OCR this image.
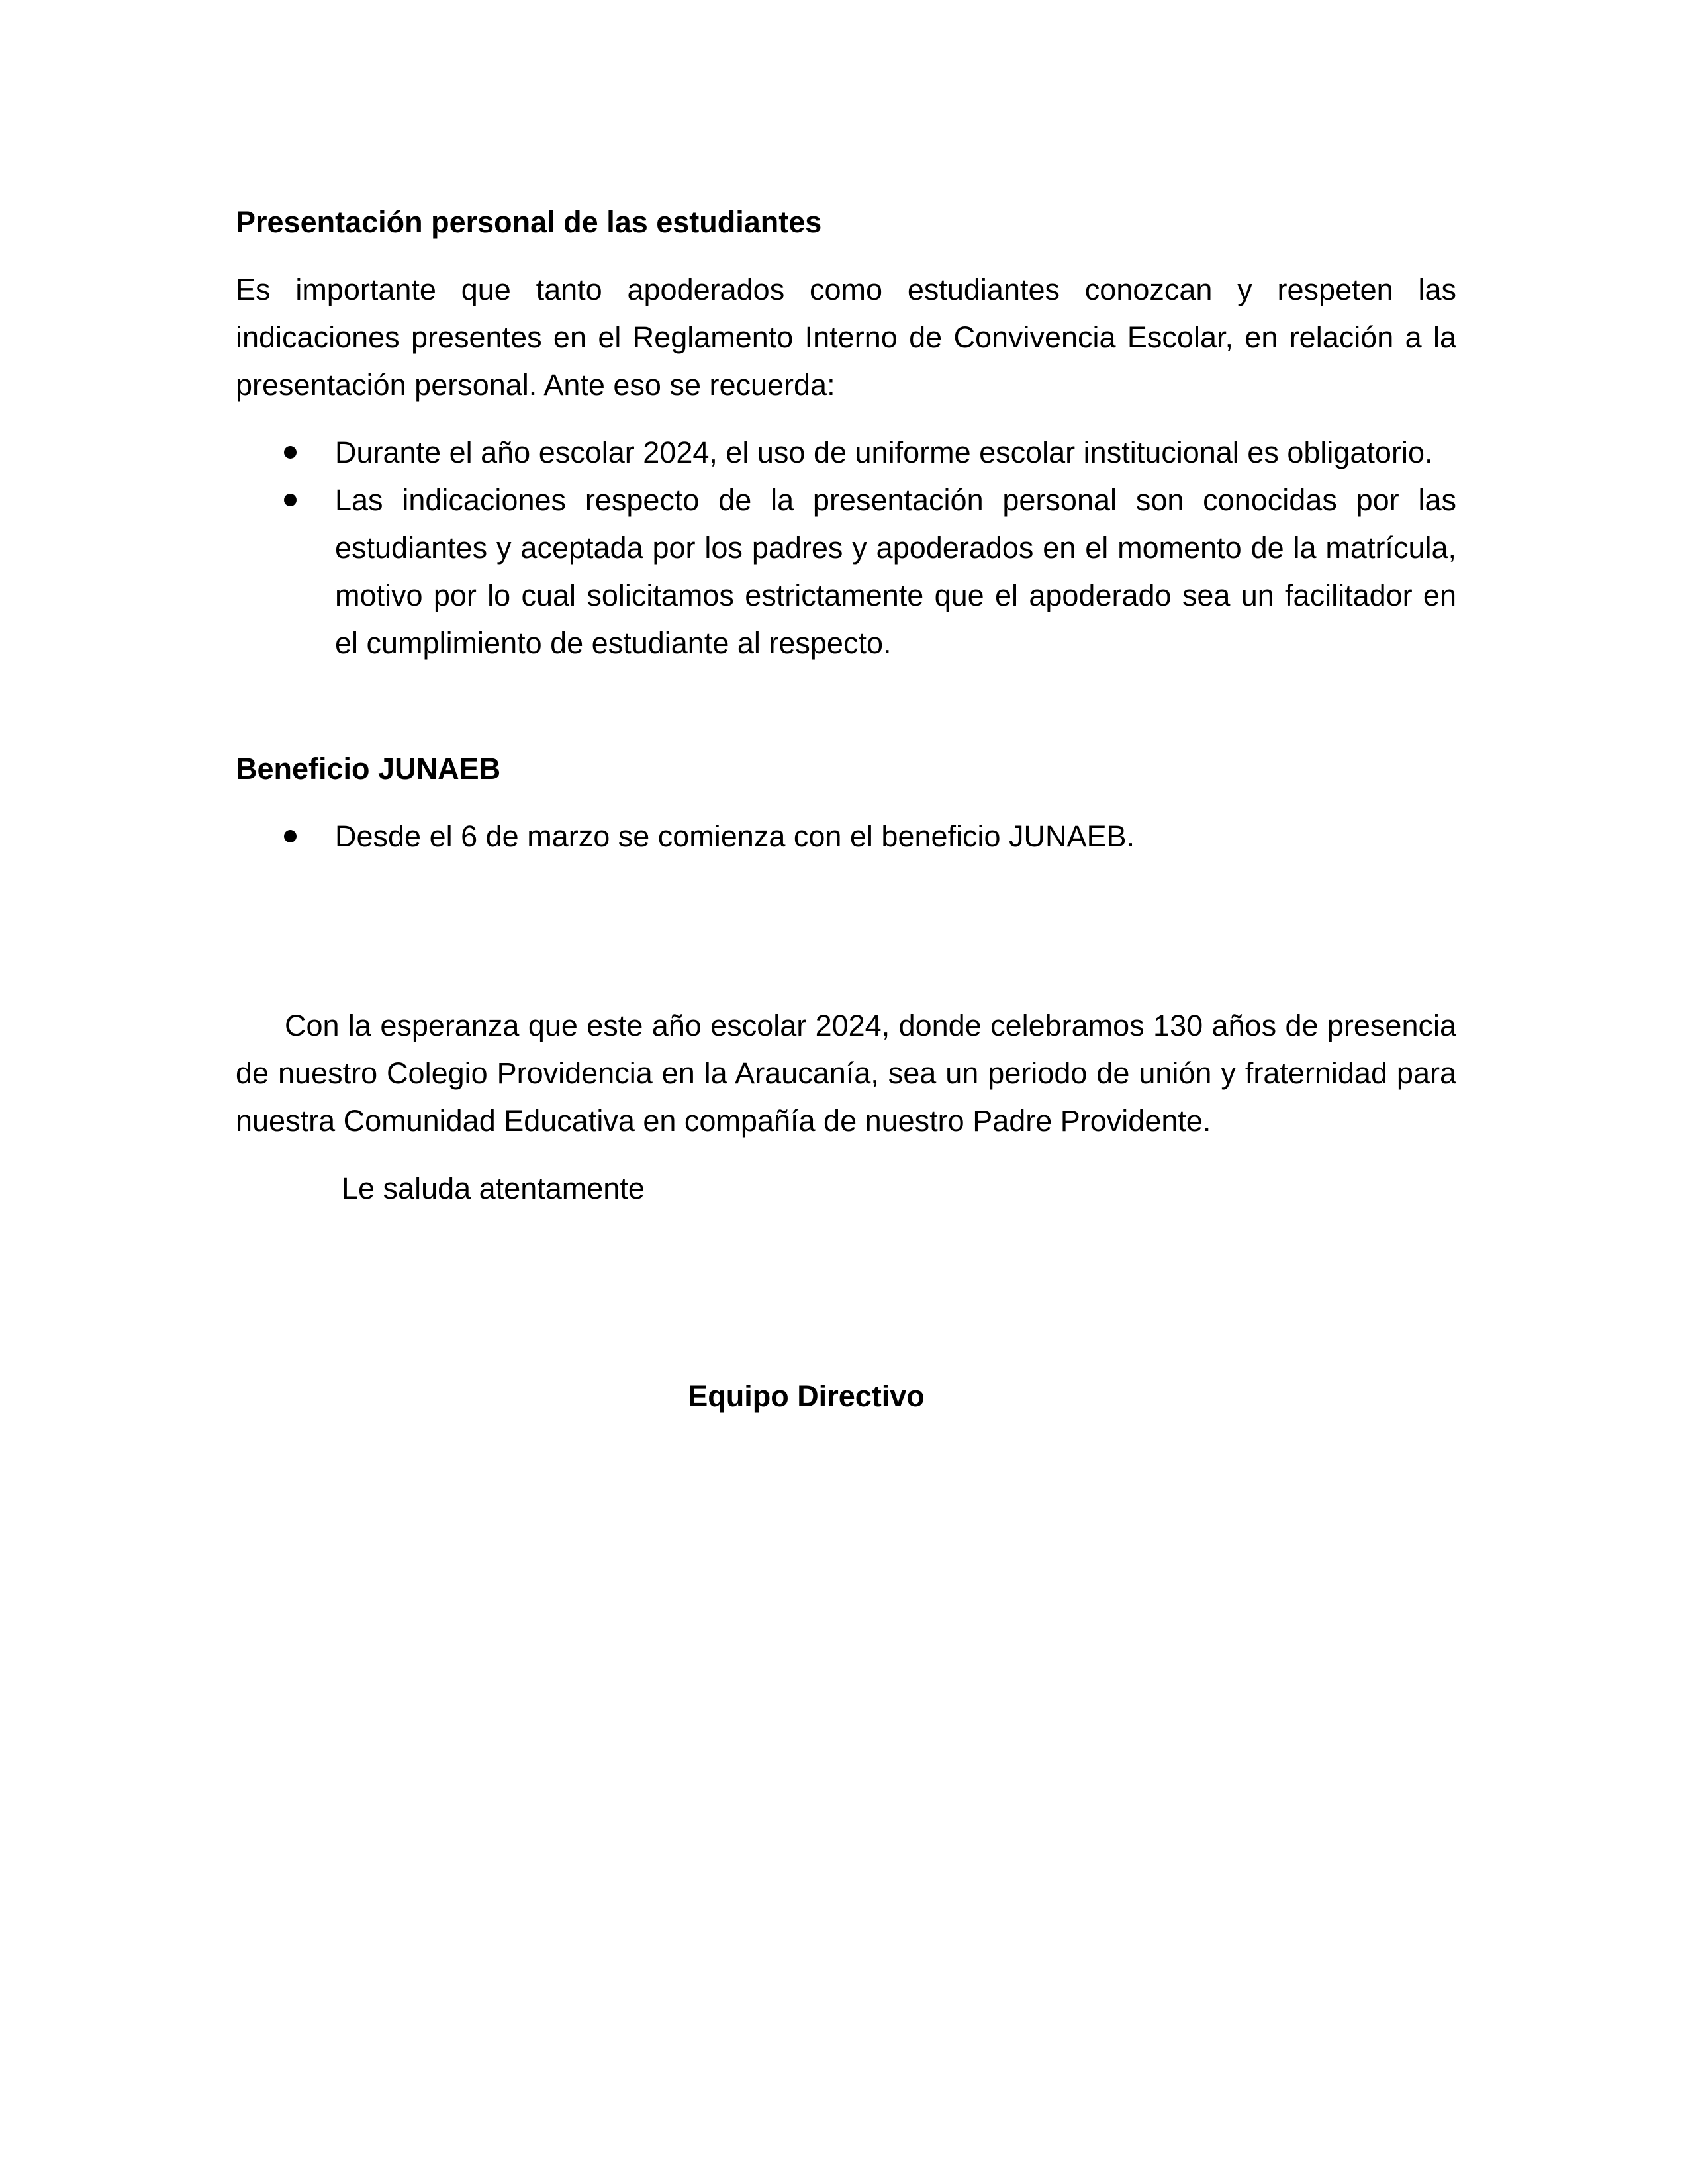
Presentación personal de las estudiantes

Es importante que tanto apoderados como estudiantes conozcan y respeten las indicaciones presentes en el Reglamento Interno de Convivencia Escolar, en relación a la presentación personal. Ante eso se recuerda:

Durante el año escolar 2024, el uso de uniforme escolar institucional es obligatorio.
Las indicaciones respecto de la presentación personal son conocidas por las estudiantes y aceptada por los padres y apoderados en el momento de la matrícula, motivo por lo cual solicitamos estrictamente que el apoderado sea un facilitador en el cumplimiento de estudiante al respecto.

Beneficio JUNAEB

Desde el 6 de marzo se comienza con el beneficio JUNAEB.

Con la esperanza que este año escolar 2024, donde celebramos 130 años de presencia de nuestro Colegio Providencia en la Araucanía, sea un periodo de unión y fraternidad para nuestra Comunidad Educativa en compañía de nuestro Padre Providente.

Le saluda atentamente

Equipo Directivo
